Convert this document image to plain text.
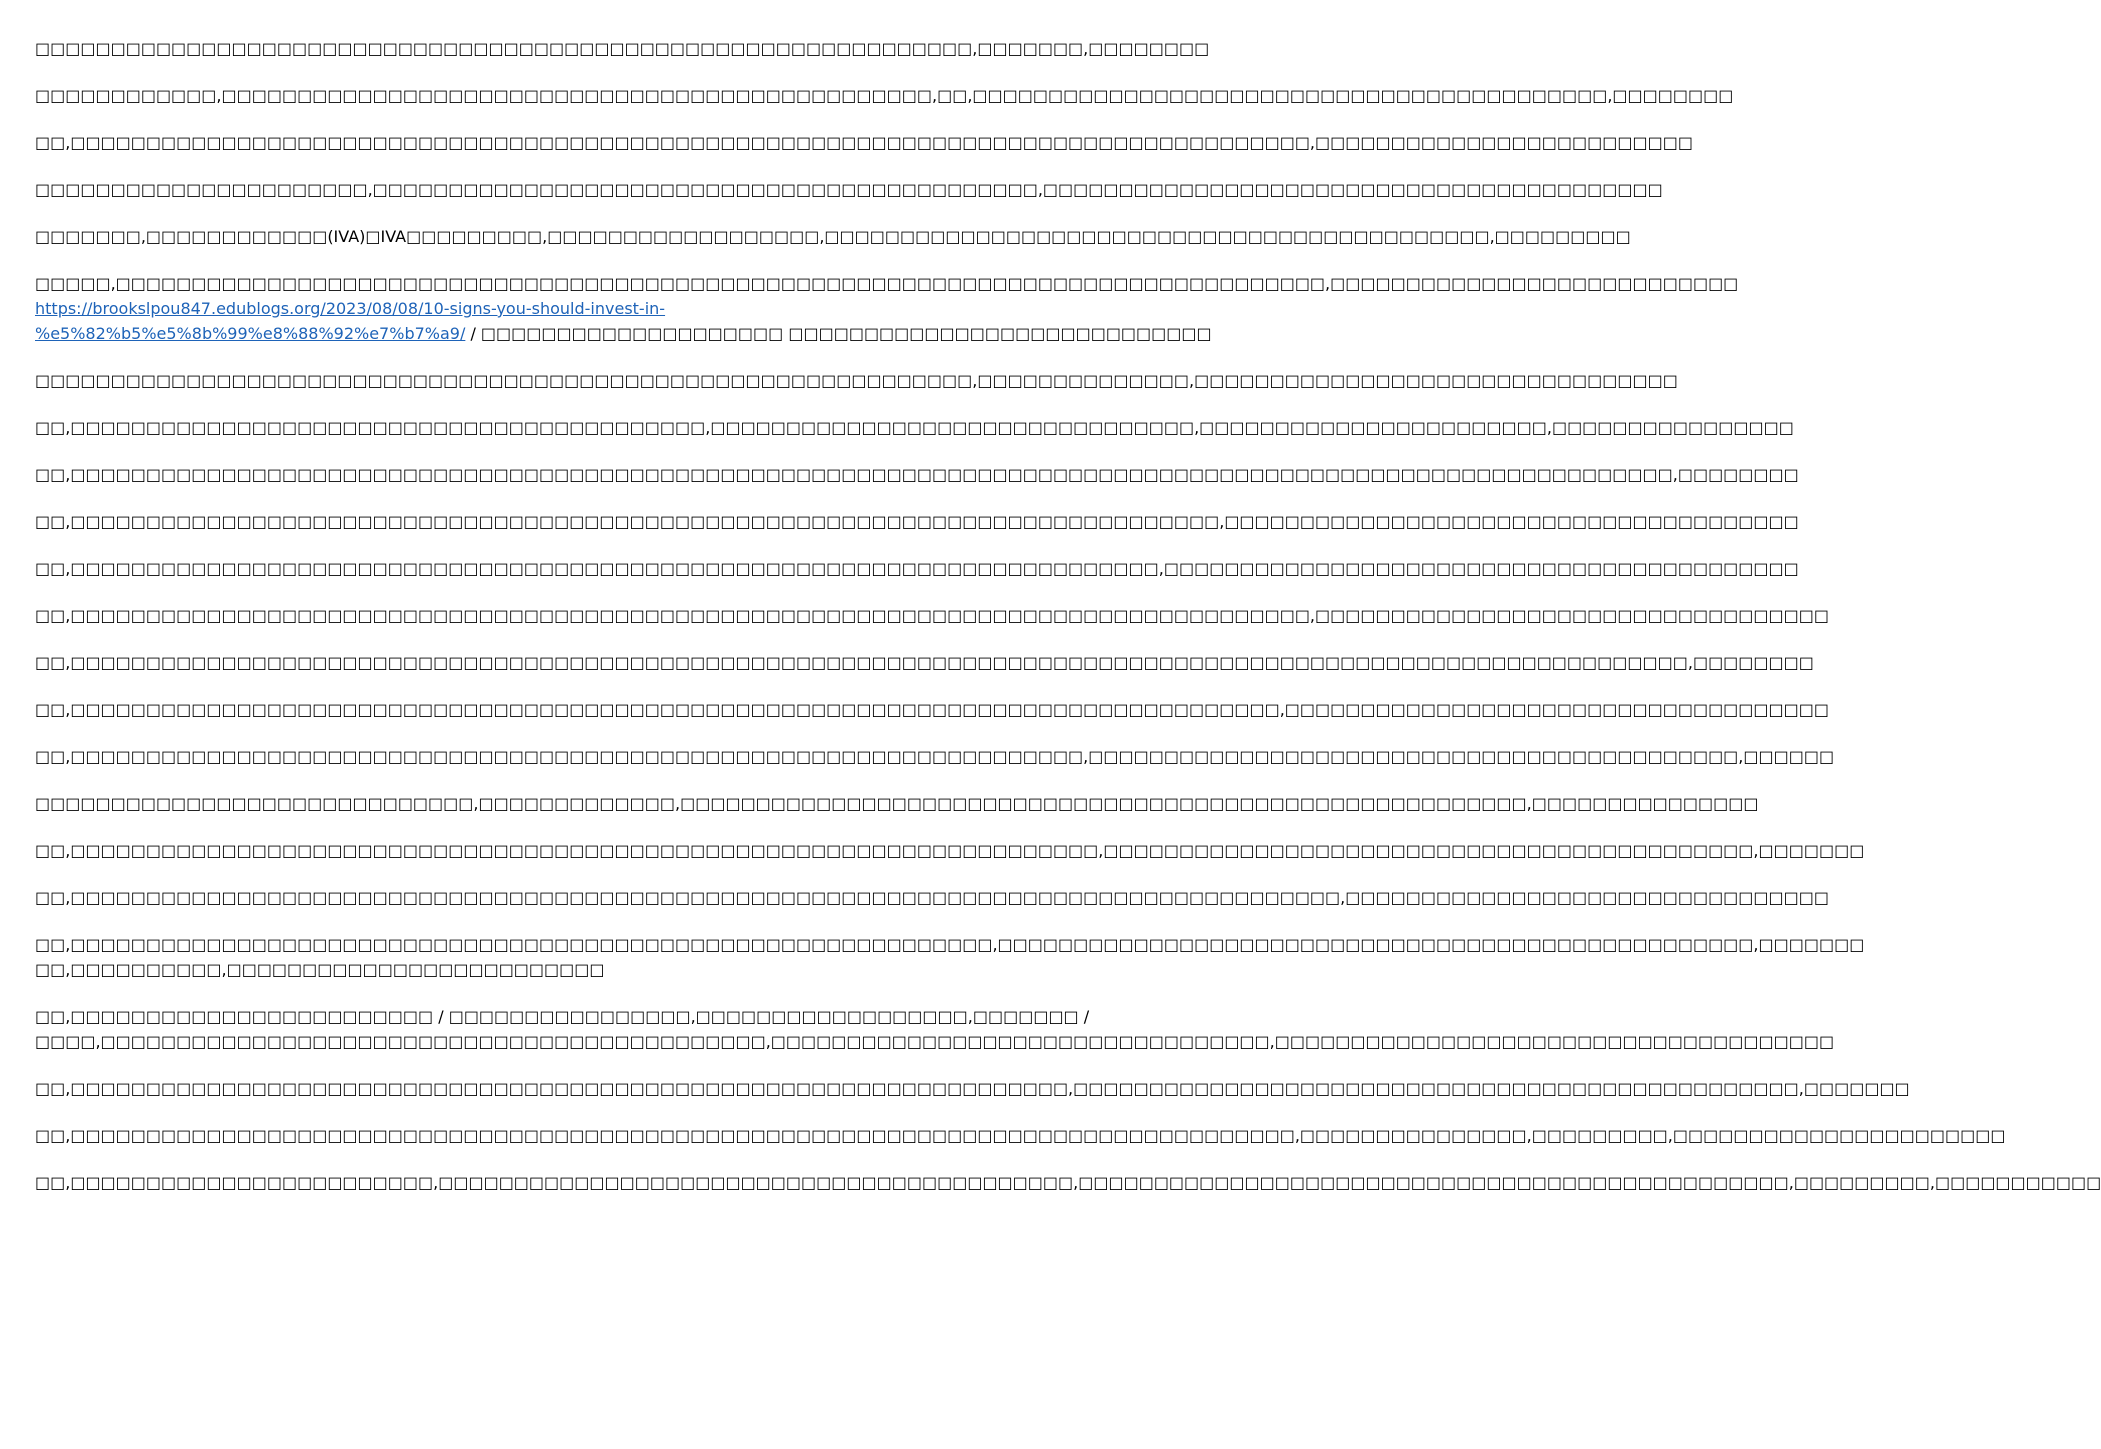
□□□□□□□□□□□□□□□□□□□□□□□□□□□□□□□□□□□□□□□□□□□□□□□□□□□□□□□□□□□□□□,□□□□□□□,□□□□□□□□

□□□□□□□□□□□□,□□□□□□□□□□□□□□□□□□□□□□□□□□□□□□□□□□□□□□□□□□□□□□□,□□,□□□□□□□□□□□□□□□□□□□□□□□□□□□□□□□□□□□□□□□□□□,□□□□□□□□

□□,□□□□□□□□□□□□□□□□□□□□□□□□□□□□□□□□□□□□□□□□□□□□□□□□□□□□□□□□□□□□□□□□□□□□□□□□□□□□□□□□□□,□□□□□□□□□□□□□□□□□□□□□□□□□

□□□□□□□□□□□□□□□□□□□□□□,□□□□□□□□□□□□□□□□□□□□□□□□□□□□□□□□□□□□□□□□□□□□,□□□□□□□□□□□□□□□□□□□□□□□□□□□□□□□□□□□□□□□□□

□□□□□□□,□□□□□□□□□□□□(IVA)□IVA□□□□□□□□□,□□□□□□□□□□□□□□□□□□,□□□□□□□□□□□□□□□□□□□□□□□□□□□□□□□□□□□□□□□□□□□□,□□□□□□□□□

□□□□□,□□□□□□□□□□□□□□□□□□□□□□□□□□□□□□□□□□□□□□□□□□□□□□□□□□□□□□□□□□□□□□□□□□□□□□□□□□□□□□□□,□□□□□□□□□□□□□□□□□□□□□□□□□□□
https://brookslpou847.edublogs.org/2023/08/08/10-signs-you-should-invest-in-
%e5%82%b5%e5%8b%99%e8%88%92%e7%b7%a9/ / □□□□□□□□□□□□□□□□□□□□ □□□□□□□□□□□□□□□□□□□□□□□□□□□□

□□□□□□□□□□□□□□□□□□□□□□□□□□□□□□□□□□□□□□□□□□□□□□□□□□□□□□□□□□□□□□,□□□□□□□□□□□□□□,□□□□□□□□□□□□□□□□□□□□□□□□□□□□□□□□

□□,□□□□□□□□□□□□□□□□□□□□□□□□□□□□□□□□□□□□□□□□□□,□□□□□□□□□□□□□□□□□□□□□□□□□□□□□□□□,□□□□□□□□□□□□□□□□□□□□□□□,□□□□□□□□□□□□□□□□

□□,□□□□□□□□□□□□□□□□□□□□□□□□□□□□□□□□□□□□□□□□□□□□□□□□□□□□□□□□□□□□□□□□□□□□□□□□□□□□□□□□□□□□□□□□□□□□□□□□□□□□□□□□□□,□□□□□□□□

□□,□□□□□□□□□□□□□□□□□□□□□□□□□□□□□□□□□□□□□□□□□□□□□□□□□□□□□□□□□□□□□□□□□□□□□□□□□□□□,□□□□□□□□□□□□□□□□□□□□□□□□□□□□□□□□□□□□□□

□□,□□□□□□□□□□□□□□□□□□□□□□□□□□□□□□□□□□□□□□□□□□□□□□□□□□□□□□□□□□□□□□□□□□□□□□□□,□□□□□□□□□□□□□□□□□□□□□□□□□□□□□□□□□□□□□□□□□□

□□,□□□□□□□□□□□□□□□□□□□□□□□□□□□□□□□□□□□□□□□□□□□□□□□□□□□□□□□□□□□□□□□□□□□□□□□□□□□□□□□□□□,□□□□□□□□□□□□□□□□□□□□□□□□□□□□□□□□□□

□□,□□□□□□□□□□□□□□□□□□□□□□□□□□□□□□□□□□□□□□□□□□□□□□□□□□□□□□□□□□□□□□□□□□□□□□□□□□□□□□□□□□□□□□□□□□□□□□□□□□□□□□□□□□□,□□□□□□□□

□□,□□□□□□□□□□□□□□□□□□□□□□□□□□□□□□□□□□□□□□□□□□□□□□□□□□□□□□□□□□□□□□□□□□□□□□□□□□□□□□□□,□□□□□□□□□□□□□□□□□□□□□□□□□□□□□□□□□□□□

□□,□□□□□□□□□□□□□□□□□□□□□□□□□□□□□□□□□□□□□□□□□□□□□□□□□□□□□□□□□□□□□□□□□□□,□□□□□□□□□□□□□□□□□□□□□□□□□□□□□□□□□□□□□□□□□□□,□□□□□□

□□□□□□□□□□□□□□□□□□□□□□□□□□□□□,□□□□□□□□□□□□□,□□□□□□□□□□□□□□□□□□□□□□□□□□□□□□□□□□□□□□□□□□□□□□□□□□□□□□□□,□□□□□□□□□□□□□□□

□□,□□□□□□□□□□□□□□□□□□□□□□□□□□□□□□□□□□□□□□□□□□□□□□□□□□□□□□□□□□□□□□□□□□□□,□□□□□□□□□□□□□□□□□□□□□□□□□□□□□□□□□□□□□□□□□□□,□□□□□□□

□□,□□□□□□□□□□□□□□□□□□□□□□□□□□□□□□□□□□□□□□□□□□□□□□□□□□□□□□□□□□□□□□□□□□□□□□□□□□□□□□□□□□□□,□□□□□□□□□□□□□□□□□□□□□□□□□□□□□□□□

□□,□□□□□□□□□□□□□□□□□□□□□□□□□□□□□□□□□□□□□□□□□□□□□□□□□□□□□□□□□□□□□,□□□□□□□□□□□□□□□□□□□□□□□□□□□□□□□□□□□□□□□□□□□□□□□□□□,□□□□□□□
□□,□□□□□□□□□□,□□□□□□□□□□□□□□□□□□□□□□□□□

□□,□□□□□□□□□□□□□□□□□□□□□□□□ / □□□□□□□□□□□□□□□□,□□□□□□□□□□□□□□□□□□,□□□□□□□ /
□□□□,□□□□□□□□□□□□□□□□□□□□□□□□□□□□□□□□□□□□□□□□□□□□,□□□□□□□□□□□□□□□□□□□□□□□□□□□□□□□□□,□□□□□□□□□□□□□□□□□□□□□□□□□□□□□□□□□□□□□

□□,□□□□□□□□□□□□□□□□□□□□□□□□□□□□□□□□□□□□□□□□□□□□□□□□□□□□□□□□□□□□□□□□□□,□□□□□□□□□□□□□□□□□□□□□□□□□□□□□□□□□□□□□□□□□□□□□□□□,□□□□□□□

□□,□□□□□□□□□□□□□□□□□□□□□□□□□□□□□□□□□□□□□□□□□□□□□□□□□□□□□□□□□□□□□□□□□□□□□□□□□□□□□□□□□,□□□□□□□□□□□□□□□,□□□□□□□□□,□□□□□□□□□□□□□□□□□□□□□□

□□,□□□□□□□□□□□□□□□□□□□□□□□□,□□□□□□□□□□□□□□□□□□□□□□□□□□□□□□□□□□□□□□□□□□,□□□□□□□□□□□□□□□□□□□□□□□□□□□□□□□□□□□□□□□□□□□□□□□,□□□□□□□□□,□□□□□□□□□□□
